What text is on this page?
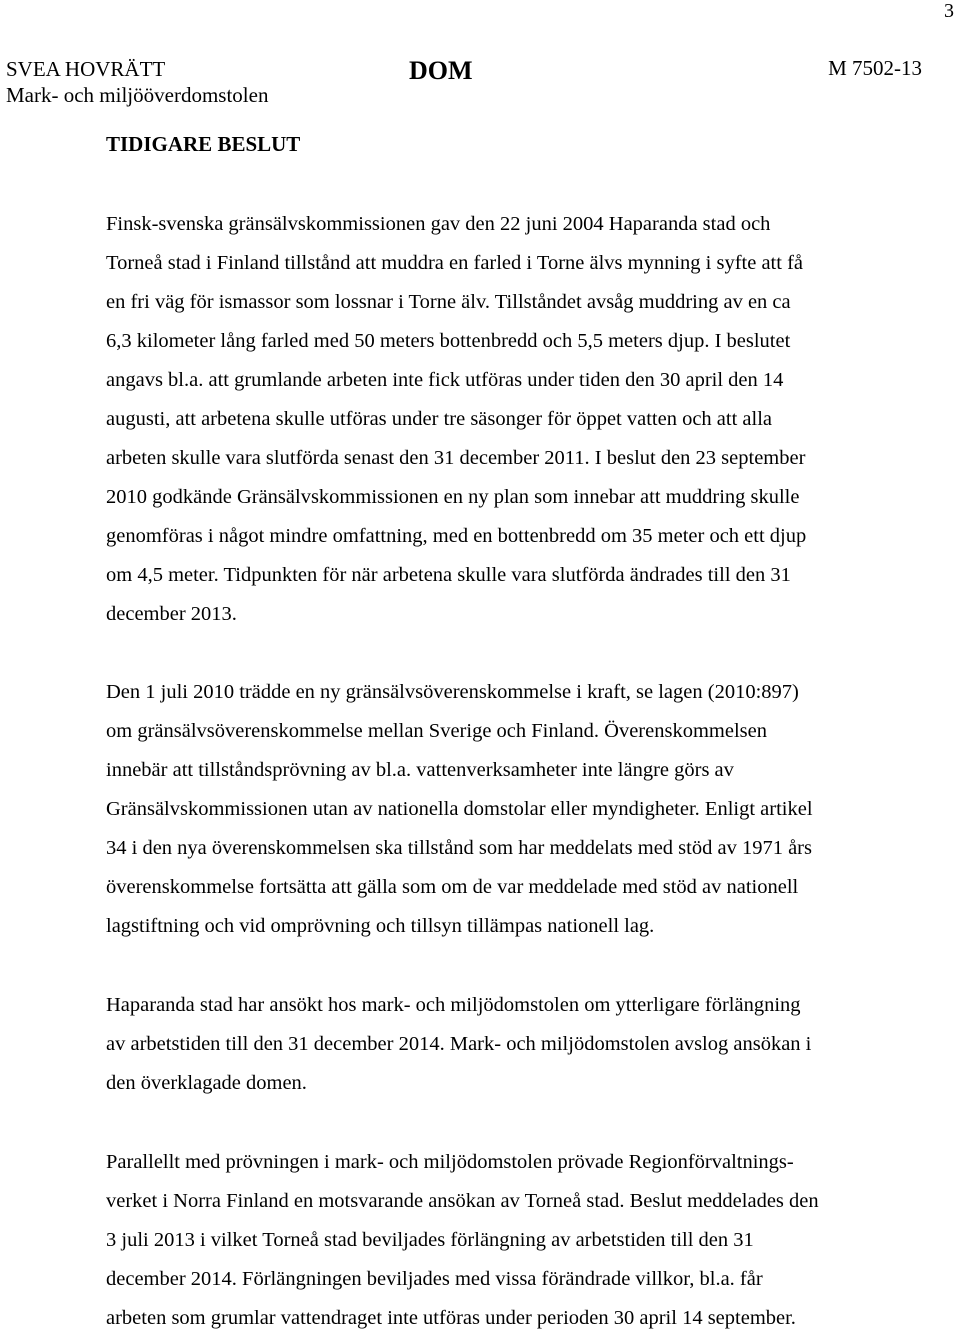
3
SVEA HOVRÄTT
Mark- och miljööverdomstolen
DOM	M 7502-13
TIDIGARE BESLUT

Finsk-svenska gränsälvskommissionen gav den 22 juni 2004 Haparanda stad och
Torneå stad i Finland tillstånd att muddra en farled i Torne älvs mynning i syfte att få
en fri väg för ismassor som lossnar i Torne älv. Tillståndet avsåg muddring av en ca
6,3 kilometer lång farled med 50 meters bottenbredd och 5,5 meters djup. I beslutet
angavs bl.a. att grumlande arbeten inte fick utföras under tiden den 30 april den 14
augusti, att arbetena skulle utföras under tre säsonger för öppet vatten och att alla
arbeten skulle vara slutförda senast den 31 december 2011. I beslut den 23 september
2010 godkände Gränsälvskommissionen en ny plan som innebar att muddring skulle
genomföras i något mindre omfattning, med en bottenbredd om 35 meter och ett djup
om 4,5 meter. Tidpunkten för när arbetena skulle vara slutförda ändrades till den 31
december 2013.

Den 1 juli 2010 trädde en ny gränsälvsöverenskommelse i kraft, se lagen (2010:897)
om gränsälvsöverenskommelse mellan Sverige och Finland. Överenskommelsen
innebär att tillståndsprövning av bl.a. vattenverksamheter inte längre görs av
Gränsälvskommissionen utan av nationella domstolar eller myndigheter. Enligt artikel
34 i den nya överenskommelsen ska tillstånd som har meddelats med stöd av 1971 års
överenskommelse fortsätta att gälla som om de var meddelade med stöd av nationell
lagstiftning och vid omprövning och tillsyn tillämpas nationell lag.

Haparanda stad har ansökt hos mark- och miljödomstolen om ytterligare förlängning
av arbetstiden till den 31 december 2014. Mark- och miljödomstolen avslog ansökan i
den överklagade domen.

Parallellt med prövningen i mark- och miljödomstolen prövade Regionförvaltnings-
verket i Norra Finland en motsvarande ansökan av Torneå stad. Beslut meddelades den
3 juli 2013 i vilket Torneå stad beviljades förlängning av arbetstiden till den 31
december 2014. Förlängningen beviljades med vissa förändrade villkor, bl.a. får
arbeten som grumlar vattendraget inte utföras under perioden 30 april 14 september.
